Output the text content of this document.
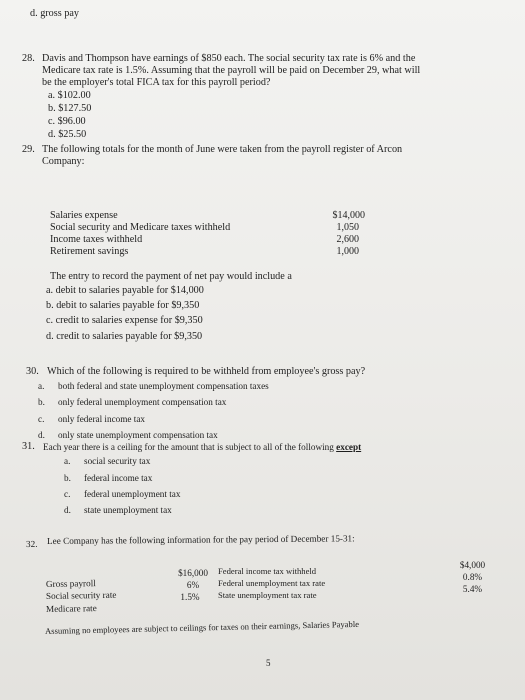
d. gross pay
28. Davis and Thompson have earnings of $850 each. The social security tax rate is 6% and the
Medicare tax rate is 1.5%. Assuming that the payroll will be paid on December 29, what will
be the employer's total FICA tax for this payroll period?
a. $102.00
b. $127.50
c. $96.00
d. $25.50
29. The following totals for the month of June were taken from the payroll register of Arcon
Company:
Salaries expense
Social security and Medicare taxes withheld
Income taxes withheld
Retirement savings
$14,000
1,050
2,600
1,000
The entry to record the payment of net pay would include a
a. debit to salaries payable for $14,000
b. debit to salaries payable for $9,350
c. credit to salaries expense for $9,350
d. credit to salaries payable for $9,350
30. Which of the following is required to be withheld from employee's gross pay?
a. both federal and state unemployment compensation taxes
b. only federal unemployment compensation tax
c. only federal income tax
d. only state unemployment compensation tax
31. Each year there is a ceiling for the amount that is subject to all of the following except
a. social security tax
b. federal income tax
c. federal unemployment tax
d. state unemployment tax
32. Lee Company has the following information for the pay period of December 15-31:
Gross payroll
Social security rate
Medicare rate
$16,000
6%
1.5%
Federal income tax withheld
Federal unemployment tax rate
State unemployment tax rate
$4,000
0.8%
5.4%
Assuming no employees are subject to ceilings for taxes on their earnings, Salaries Payable
5
